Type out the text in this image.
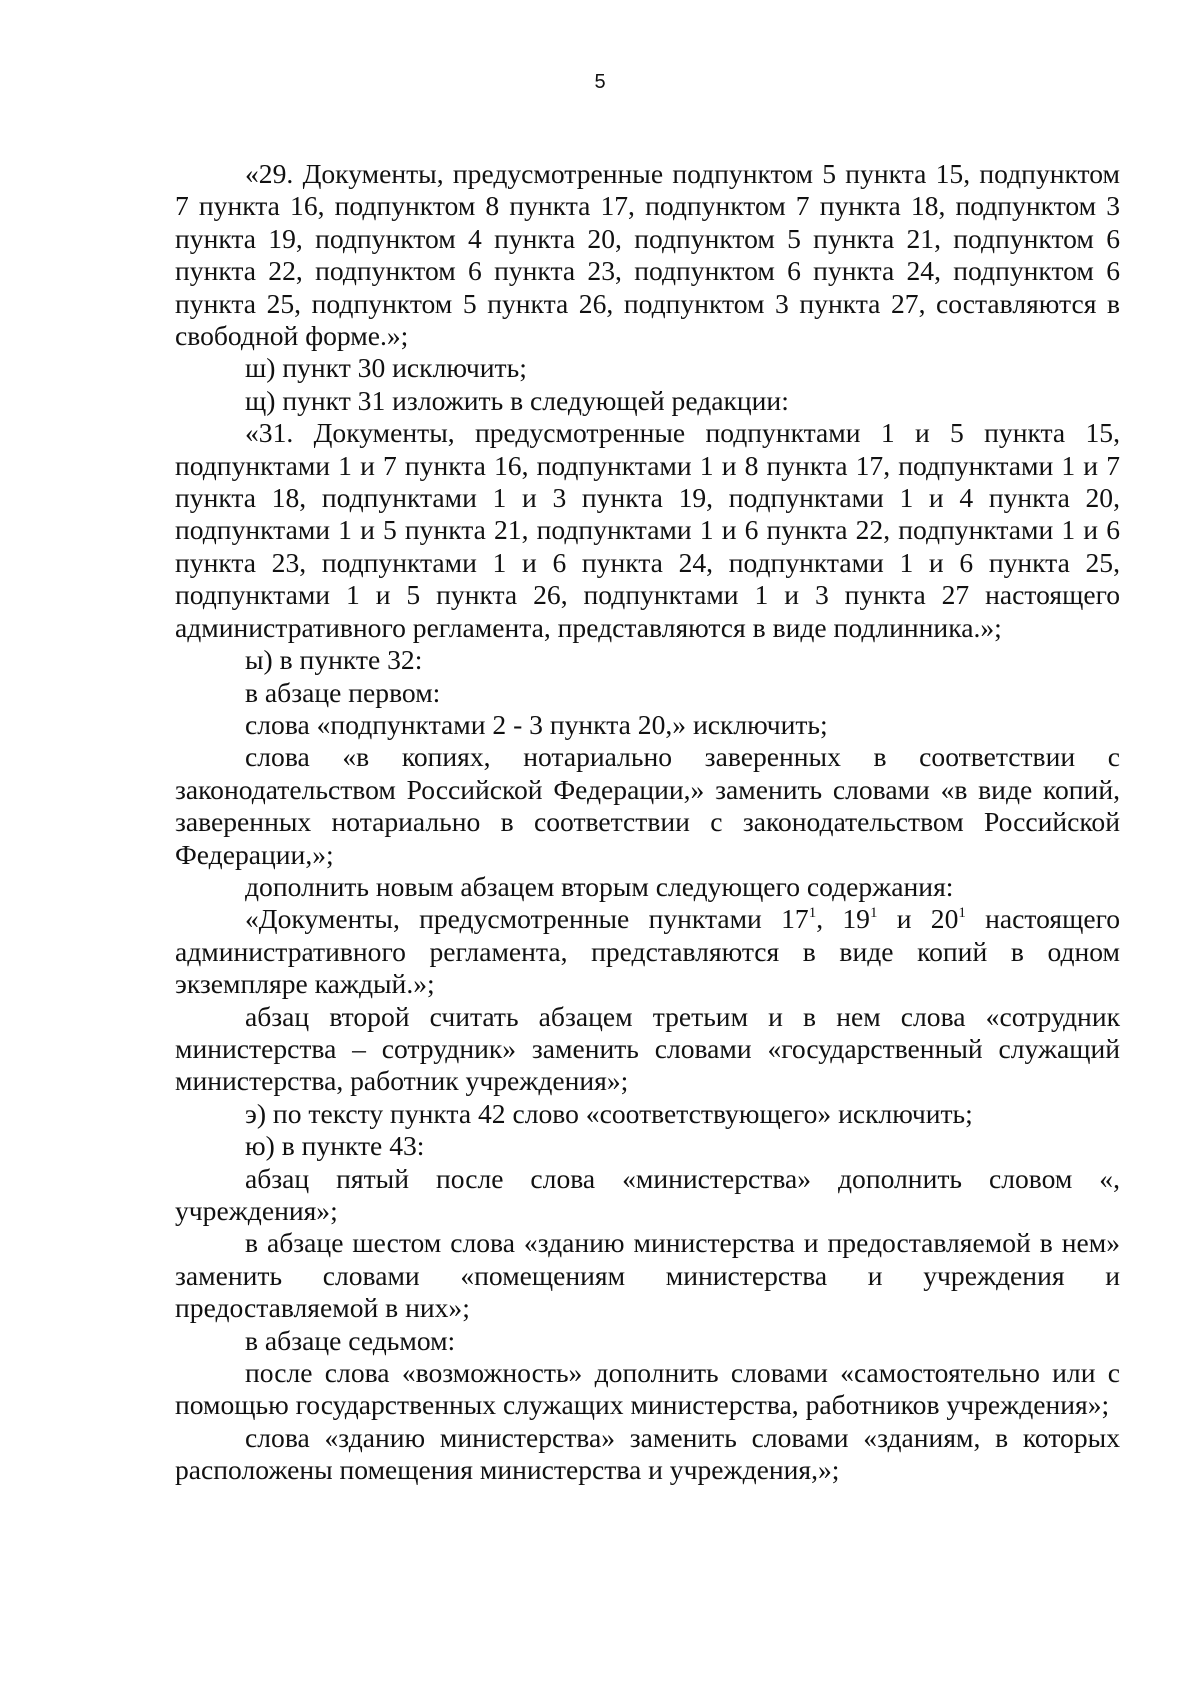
5

«29. Документы, предусмотренные подпунктом 5 пункта 15, подпунктом 7 пункта 16, подпунктом 8 пункта 17, подпунктом 7 пункта 18, подпунктом 3 пункта 19, подпунктом 4 пункта 20, подпунктом 5 пункта 21, подпунктом 6 пункта 22, подпунктом 6 пункта 23, подпунктом 6 пункта 24, подпунктом 6 пункта 25, подпунктом 5 пункта 26, подпунктом 3 пункта 27, составляются в свободной форме.»;

ш) пункт 30 исключить;

щ) пункт 31 изложить в следующей редакции:

«31. Документы, предусмотренные подпунктами 1 и 5 пункта 15, подпунктами 1 и 7 пункта 16, подпунктами 1 и 8 пункта 17, подпунктами 1 и 7 пункта 18, подпунктами 1 и 3 пункта 19, подпунктами 1 и 4 пункта 20, подпунктами 1 и 5 пункта 21, подпунктами 1 и 6 пункта 22, подпунктами 1 и 6 пункта 23, подпунктами 1 и 6 пункта 24, подпунктами 1 и 6 пункта 25, подпунктами 1 и 5 пункта 26, подпунктами 1 и 3 пункта 27 настоящего административного регламента, представляются в виде подлинника.»;

ы) в пункте 32:

в абзаце первом:

слова «подпунктами 2 - 3 пункта 20,» исключить;

слова «в копиях, нотариально заверенных в соответствии с законодательством Российской Федерации,» заменить словами «в виде копий, заверенных нотариально в соответствии с законодательством Российской Федерации,»;

дополнить новым абзацем вторым следующего содержания:

«Документы, предусмотренные пунктами $17^1$, $19^1$ и $20^1$ настоящего административного регламента, представляются в виде копий в одном экземпляре каждый.»;

абзац второй считать абзацем третьим и в нем слова «сотрудник министерства – сотрудник» заменить словами «государственный служащий министерства, работник учреждения»;

э) по тексту пункта 42 слово «соответствующего» исключить;

ю) в пункте 43:

абзац пятый после слова «министерства» дополнить словом «, учреждения»;

в абзаце шестом слова «зданию министерства и предоставляемой в нем» заменить словами «помещениям министерства и учреждения и предоставляемой в них»;

в абзаце седьмом:

после слова «возможность» дополнить словами «самостоятельно или с помощью государственных служащих министерства, работников учреждения»;

слова «зданию министерства» заменить словами «зданиям, в которых расположены помещения министерства и учреждения,»;
